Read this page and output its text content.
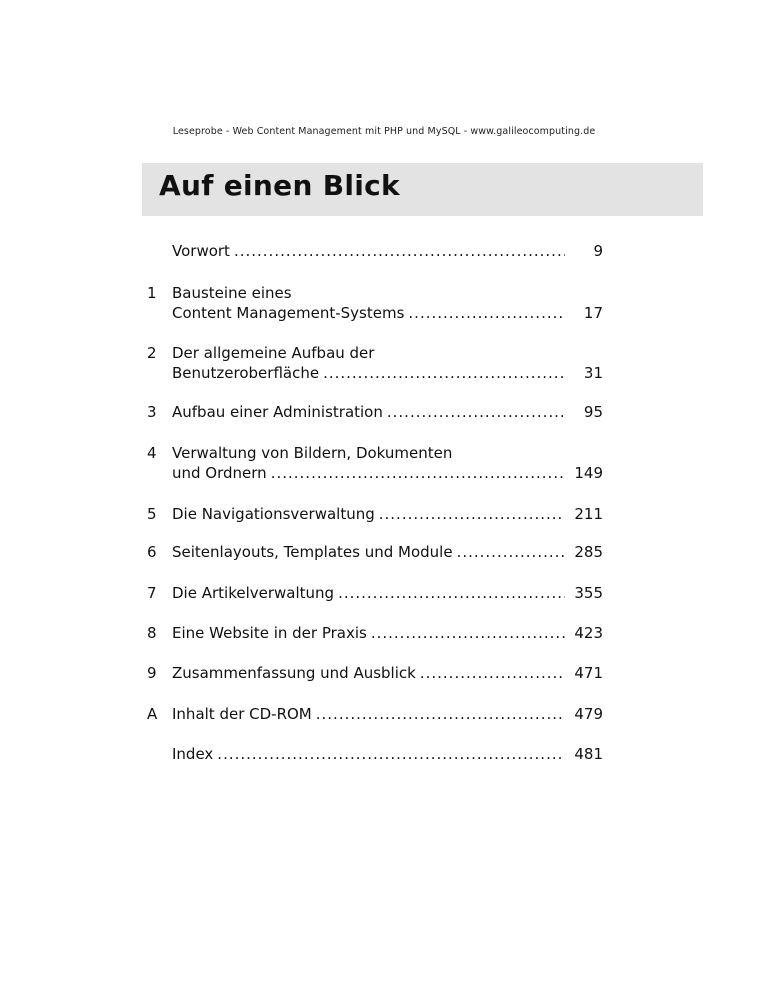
Leseprobe - Web Content Management mit PHP und MySQL - www.galileocomputing.de
Auf einen Blick
Vorwort .....	9
1	Bausteine eines
Content Management-Systems .....	17
2	Der allgemeine Aufbau der
Benutzeroberfläche .....	31
3	Aufbau einer Administration .....	95
4	Verwaltung von Bildern, Dokumenten
und Ordnern .....	149
5	Die Navigationsverwaltung .....	211
6	Seitenlayouts, Templates und Module .....	285
7	Die Artikelverwaltung .....	355
8	Eine Website in der Praxis .....	423
9	Zusammenfassung und Ausblick .....	471
A Inhalt der CD-ROM .....	479
Index .....	481
